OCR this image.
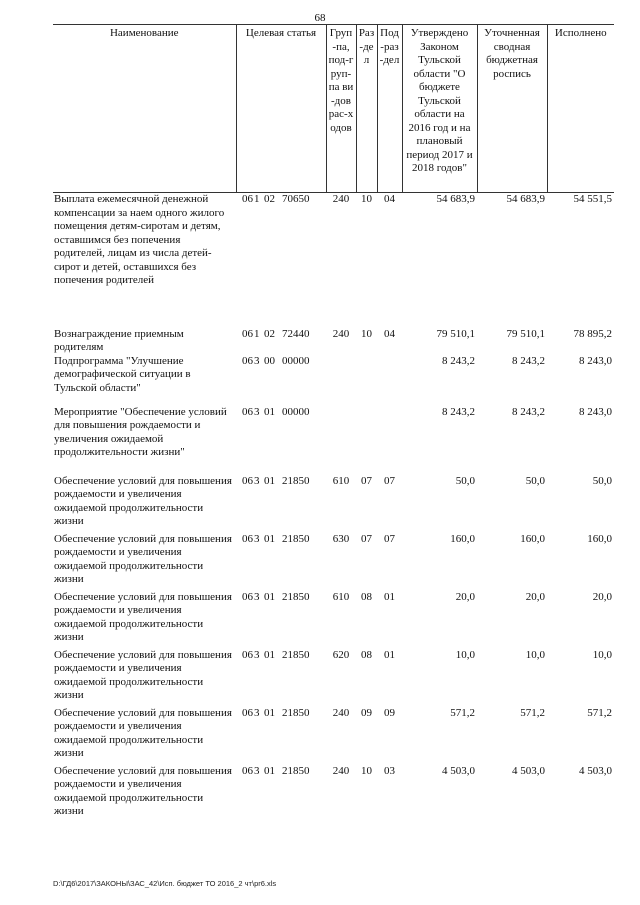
68
Наименование	Целевая статья	Груп-па, под-груп-па ви-дов рас-ходов	Раз-дел	Под-раз-дел	Утверждено Законом Тульской области "О бюджете Тульской области на 2016 год и на плановый период 2017 и 2018 годов"	Уточненная сводная бюджетная роспись	Исполнено
Выплата ежемесячной денежной компенсации за наем одного жилого помещения детям-сиротам и детям, оставшимся без попечения родителей, лицам из числа детей-сирот и детей, оставшихся без попечения родителей	061 02 70650	240	10	04	54 683,9	54 683,9	54 551,5
Вознаграждение приемным родителям	061 02 72440	240	10	04	79 510,1	79 510,1	78 895,2
Подпрограмма "Улучшение демографической ситуации в Тульской области"	063 00 00000				8 243,2	8 243,2	8 243,0
Мероприятие "Обеспечение условий для повышения рождаемости и увеличения ожидаемой продолжительности жизни"	063 01 00000				8 243,2	8 243,2	8 243,0
Обеспечение условий для повышения рождаемости и увеличения ожидаемой продолжительности жизни	063 01 21850	610	07	07	50,0	50,0	50,0
Обеспечение условий для повышения рождаемости и увеличения ожидаемой продолжительности жизни	063 01 21850	630	07	07	160,0	160,0	160,0
Обеспечение условий для повышения рождаемости и увеличения ожидаемой продолжительности жизни	063 01 21850	610	08	01	20,0	20,0	20,0
Обеспечение условий для повышения рождаемости и увеличения ожидаемой продолжительности жизни	063 01 21850	620	08	01	10,0	10,0	10,0
Обеспечение условий для повышения рождаемости и увеличения ожидаемой продолжительности жизни	063 01 21850	240	09	09	571,2	571,2	571,2
Обеспечение условий для повышения рождаемости и увеличения ожидаемой продолжительности жизни	063 01 21850	240	10	03	4 503,0	4 503,0	4 503,0
D:\ГД6\2017\ЗАКОНЫ\ЗАС_42\Исп. бюджет ТО 2016_2 чт\pr6.xls
